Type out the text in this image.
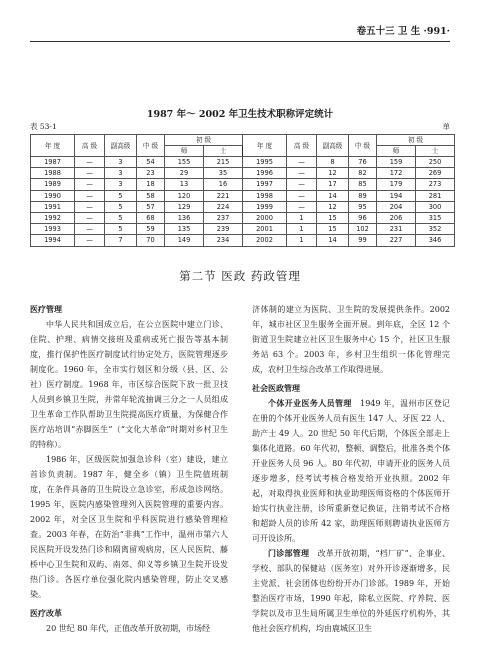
卷五十三 卫 生 ·991·
1987 年～ 2002 年卫生技术职称评定统计
表 53-1	单
年 度	高 级	副高级	中 级	初 级		年 度	高 级	副高级	中 级	初 级	
				师	士					师	士
1987	—	3	54	155	215	1995	—	8	76	159	250
1988	—	3	23	29	35	1996	—	12	82	172	269
1989	—	3	18	13	16	1997	—	17	85	179	273
1990	—	5	58	120	221	1998	—	14	89	194	281
1991	—	5	57	129	224	1999	—	12	95	204	300
1992	—	5	68	136	237	2000	1	15	96	206	315
1993	—	5	59	135	239	2001	1	15	102	231	352
1994	—	7	70	149	234	2002	1	14	99	227	346
第二节 医政 药政管理
医疗管理

中华人民共和国成立后，在公立医院中建立门诊、住院、护理、病情交接班及重病或死亡报告等基本制度，推行保护性医疗制度试行协定处方，医院管理逐步制度化。1960 年，全市实行划区和分级（县、区、公社）医疗制度。1968 年，市区综合医院下放一批卫技人员到乡镇卫生院，并常年轮流抽调三分之一人员组成卫生革命工作队帮助卫生院提高医疗质量，为保健合作医疗站培训“赤脚医生”（“文化大革命”时期对乡村卫生的特称）。

1986 年，区级医院加强急诊科（室）建设，建立首诊负责制。1987 年，健全乡（镇）卫生院值班制度，在条件具备的卫生院设立急诊室，形成急诊网络。1995 年，医院内感染管理列入医院管理的重要内容。2002 年，对全区卫生院和乎科医院进行感染管理检查。2003 年春，在防治“非典”工作中，温州市第六人民医院开设发热门诊和隔离留观病房，区人民医院、藤桥中心卫生院和双屿、南郊、仰义等乡镇卫生院开设发热门诊。各医疗单位强化院内感染管理，防止交叉感染。

医疗改革

20 世纪 80 年代，正值改革开放初期，市场经

济体制的建立为医院、卫生院的发展提供条件。2002 年，城市社区卫生服务全面开展。到年底，全区 12 个街道卫生院建立社区卫生服务中心 15 个，社区卫生服务站 63 个。2003 年，乡村卫生组织一体化管理完成，农村卫生综合改革工作取得进展。

社会医政管理

个体开业医务人员管理　 1949 年，温州市区登记在册的个体开业医务人员有医生 147 人、牙医 22 人、助产士 49 人。20 世纪 50 年代后期，个体医全部走上集体化道路。60 年代初，整顿、调整后，批准各类个体开业医务人员 96 人。80 年代初，申请开业的医务人员逐步增多，经考试考核合格发给开业执照。2002 年起，对取得执业医师和执业助理医师资格的个体医师开始实行执业注册，诊所重新登记换证，注销考试不合格和超龄人员的诊所 42 家，助理医师则聘请执业医师方可开设诊所。

门诊部管理　 改革开放初期，“档厂矿”、企事业、学校、部队的保健站（医务室）对外开诊逐渐增多，民主党派、社会团体也纷纷开办门诊部。1989 年，开始整治医疗市场，1990 年起，除私立医院、疗养院、医学院以及市卫生局所属卫生单位的外延医疗机构外，其他社会医疗机构，均由鹿城区卫生
